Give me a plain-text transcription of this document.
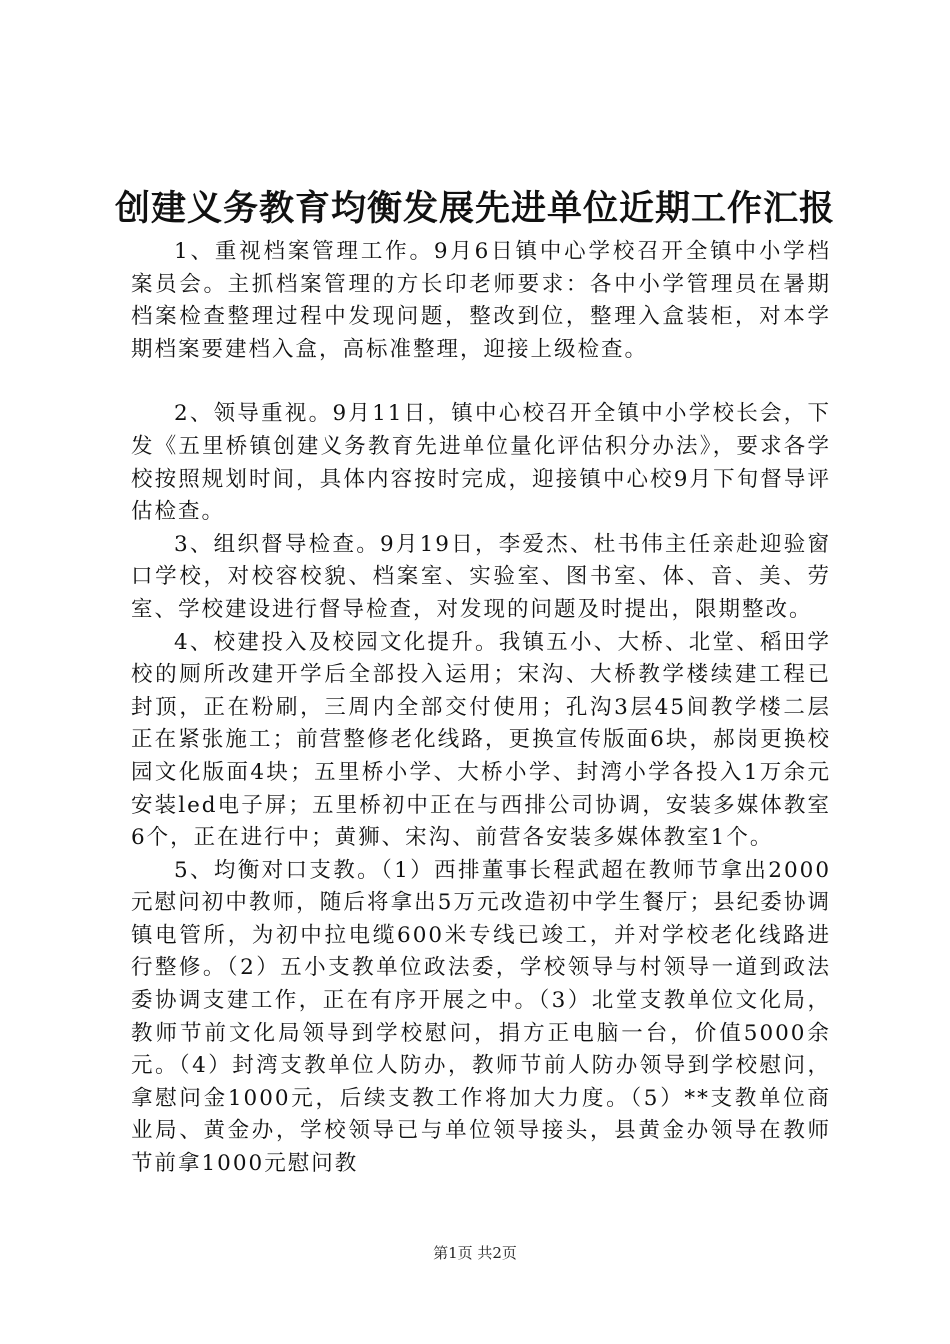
创建义务教育均衡发展先进单位近期工作汇报

1、重视档案管理工作。9月6日镇中心学校召开全镇中小学档案员会。主抓档案管理的方长印老师要求：各中小学管理员在暑期档案检查整理过程中发现问题，整改到位，整理入盒装柜，对本学期档案要建档入盒，高标准整理，迎接上级检查。

2、领导重视。9月11日，镇中心校召开全镇中小学校长会，下发《五里桥镇创建义务教育先进单位量化评估积分办法》，要求各学校按照规划时间，具体内容按时完成，迎接镇中心校9月下旬督导评估检查。

3、组织督导检查。9月19日，李爱杰、杜书伟主任亲赴迎验窗口学校，对校容校貌、档案室、实验室、图书室、体、音、美、劳室、学校建设进行督导检查，对发现的问题及时提出，限期整改。

4、校建投入及校园文化提升。我镇五小、大桥、北堂、稻田学校的厕所改建开学后全部投入运用；宋沟、大桥教学楼续建工程已封顶，正在粉刷，三周内全部交付使用；孔沟3层45间教学楼二层正在紧张施工；前营整修老化线路，更换宣传版面6块，郝岗更换校园文化版面4块；五里桥小学、大桥小学、封湾小学各投入1万余元安装led电子屏；五里桥初中正在与西排公司协调，安装多媒体教室6个，正在进行中；黄狮、宋沟、前营各安装多媒体教室1个。

5、均衡对口支教。（1）西排董事长程武超在教师节拿出2000元慰问初中教师，随后将拿出5万元改造初中学生餐厅；县纪委协调镇电管所，为初中拉电缆600米专线已竣工，并对学校老化线路进行整修。（2）五小支教单位政法委，学校领导与村领导一道到政法委协调支建工作，正在有序开展之中。（3）北堂支教单位文化局，教师节前文化局领导到学校慰问，捐方正电脑一台，价值5000余元。（4）封湾支教单位人防办，教师节前人防办领导到学校慰问，拿慰问金1000元，后续支教工作将加大力度。（5）**支教单位商业局、黄金办，学校领导已与单位领导接头，县黄金办领导在教师节前拿1000元慰问教

第1页 共2页
